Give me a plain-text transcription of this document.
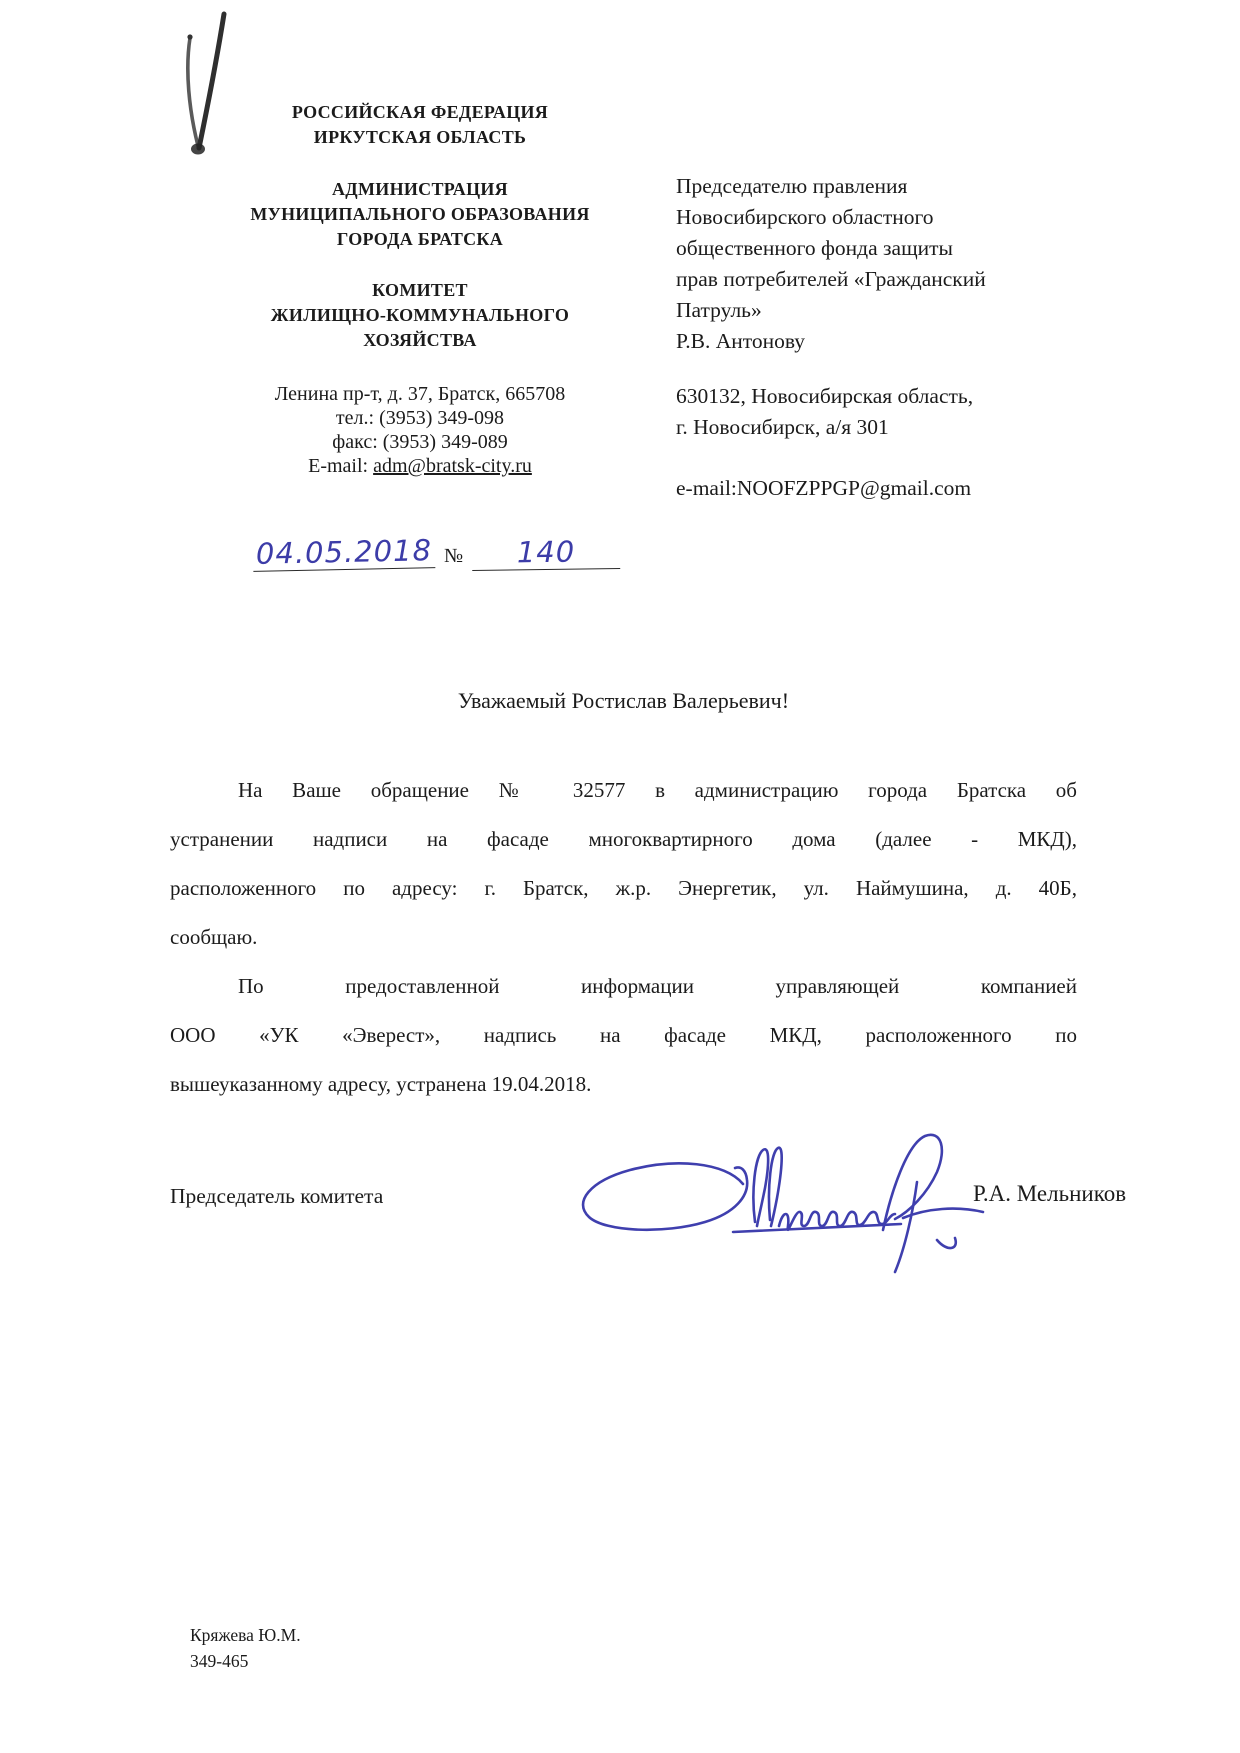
РОССИЙСКАЯ ФЕДЕРАЦИЯ
ИРКУТСКАЯ ОБЛАСТЬ
АДМИНИСТРАЦИЯ
МУНИЦИПАЛЬНОГО ОБРАЗОВАНИЯ
ГОРОДА БРАТСКА
КОМИТЕТ
ЖИЛИЩНО-КОММУНАЛЬНОГО
ХОЗЯЙСТВА
Ленина пр-т, д. 37, Братск, 665708
тел.: (3953) 349-098
факс: (3953) 349-089
E-mail: adm@bratsk-city.ru
04.05.2018 №	140
Председателю правления
Новосибирского областного
общественного фонда защиты
прав потребителей «Гражданский
Патруль»
Р.В. Антонову
630132, Новосибирская область,
г. Новосибирск, а/я 301
e-mail:NOOFZPPGP@gmail.com
Уважаемый Ростислав Валерьевич!
На Ваше обращение № 32577 в администрацию города Братска об
устранении надписи на фасаде многоквартирного дома (далее - МКД),
расположенного по адресу: г. Братск, ж.р. Энергетик, ул. Наймушина, д. 40Б,
сообщаю.
По предоставленной информации управляющей компанией
ООО «УК «Эверест», надпись на фасаде МКД, расположенного по
вышеуказанному адресу, устранена 19.04.2018.
Председатель комитета	Р.А. Мельников
Кряжева Ю.М.
349-465
